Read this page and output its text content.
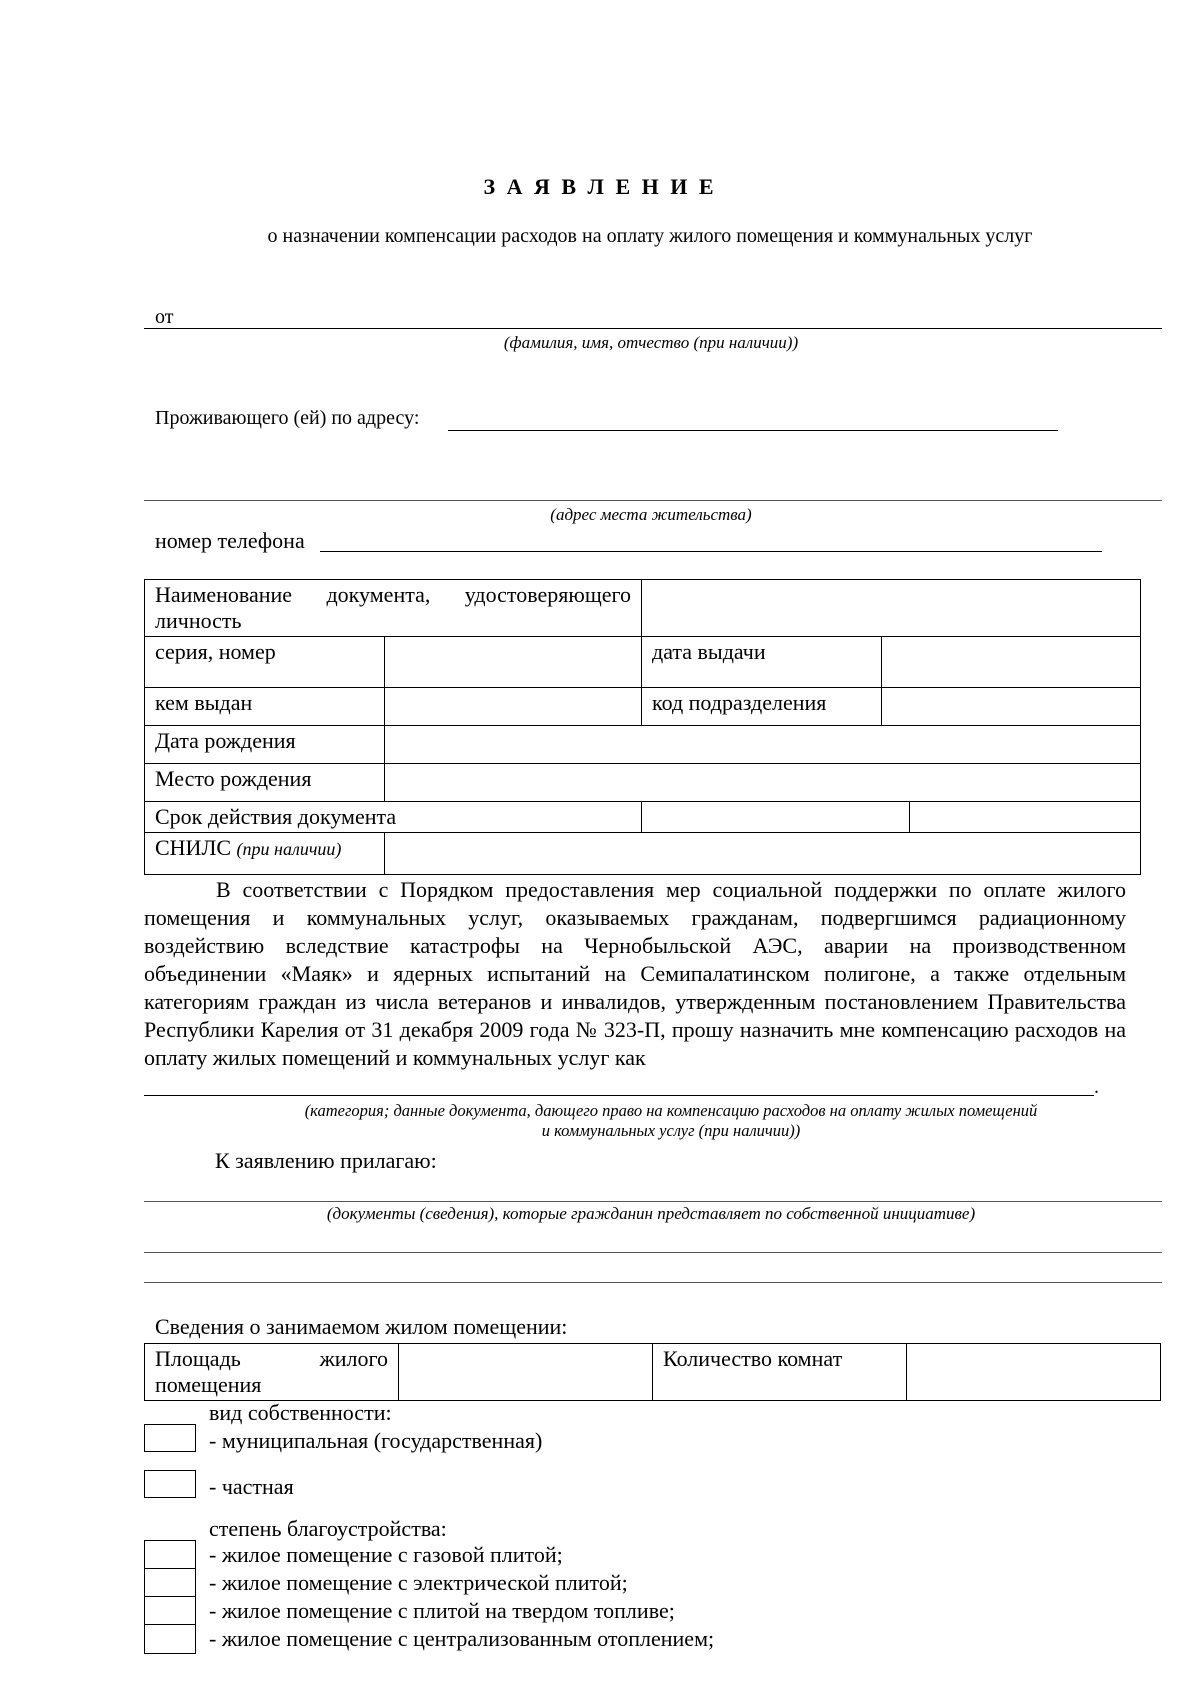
З А Я В Л Е Н И Е
о назначении компенсации расходов на оплату жилого помещения и коммунальных услуг
от
(фамилия, имя, отчество (при наличии))
Проживающего (ей) по адресу:
(адрес места жительства)
номер телефона
Наименование документа, удостоверяющего личность				
серия, номер		дата выдачи		
кем выдан		код подразделения		
Дата рождения				
Место рождения				
Срок действия документа				
СНИЛС (при наличии)				
В соответствии с Порядком предоставления мер социальной поддержки по оплате жилого помещения и коммунальных услуг, оказываемых гражданам, подвергшимся радиационному воздействию вследствие катастрофы на Чернобыльской АЭС, аварии на производственном объединении «Маяк» и ядерных испытаний на Семипалатинском полигоне, а также отдельным категориям граждан из числа ветеранов и инвалидов, утвержденным постановлением Правительства Республики Карелия от 31 декабря 2009 года № 323-П, прошу назначить мне компенсацию расходов на оплату жилых помещений и коммунальных услуг как
.
(категория; данные документа, дающего право на компенсацию расходов на оплату жилых помещений
и коммунальных услуг (при наличии))
К заявлению прилагаю:
(документы (сведения), которые гражданин представляет по собственной инициативе)
Сведения о занимаемом жилом помещении:
Площадь жилого помещения		Количество комнат	
вид собственности:
- муниципальная (государственная)
- частная
степень благоустройства:
- жилое помещение с газовой плитой;
- жилое помещение с электрической плитой;
- жилое помещение с плитой на твердом топливе;
- жилое помещение с централизованным отоплением;
